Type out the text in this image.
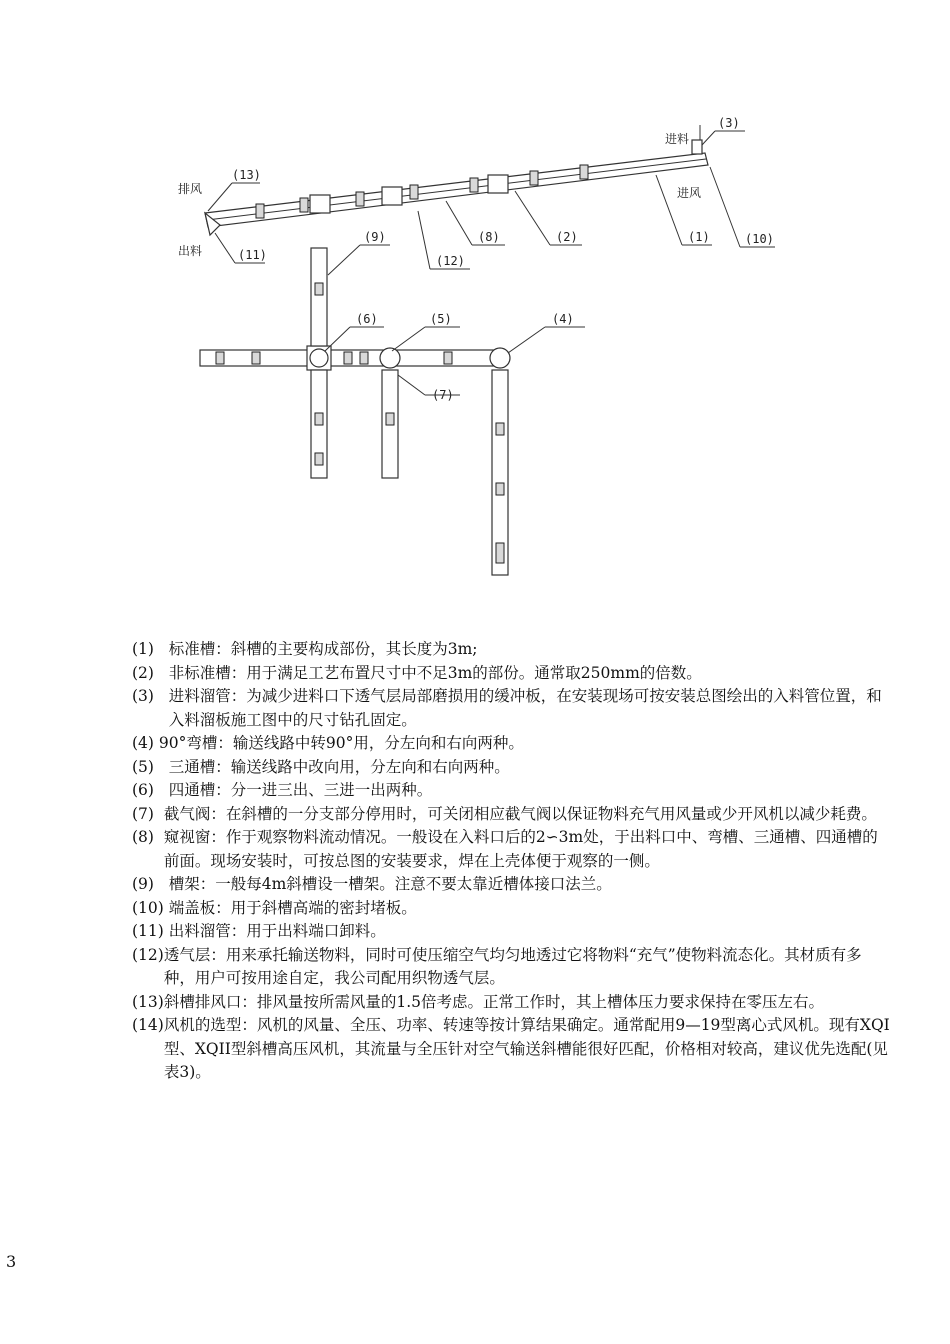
排风
出料
进料
进风
(13)
(3)
(11)	(12)
(8)	(2)	(1)	(10)
(9)
(6)	(5)	(4)
(7)
(1) 标准槽：斜槽的主要构成部份，其长度为3m;
(2) 非标准槽：用于满足工艺布置尺寸中不足3m的部份。通常取250mm的倍数。
(3) 进料溜管：为减少进料口下透气层局部磨损用的缓冲板，在安装现场可按安装总图绘出的入料管位置，和入料溜板施工图中的尺寸钻孔固定。
(4) 90°弯槽：输送线路中转90°用，分左向和右向两种。
(5) 三通槽：输送线路中改向用，分左向和右向两种。
(6) 四通槽：分一进三出、三进一出两种。
(7) 截气阀：在斜槽的一分支部分停用时，可关闭相应截气阀以保证物料充气用风量或少开风机以减少耗费。
(8) 窥视窗：作于观察物料流动情况。一般设在入料口后的2∽3m处，于出料口中、弯槽、三通槽、四通槽的前面。现场安装时，可按总图的安装要求，焊在上壳体便于观察的一侧。
(9) 槽架：一般每4m斜槽设一槽架。注意不要太靠近槽体接口法兰。
(10) 端盖板：用于斜槽高端的密封堵板。
(11) 出料溜管：用于出料端口卸料。
(12) 透气层：用来承托输送物料，同时可使压缩空气均匀地透过它将物料“充气”使物料流态化。其材质有多种，用户可按用途自定，我公司配用织物透气层。
(13) 斜槽排风口：排风量按所需风量的1.5倍考虑。正常工作时，其上槽体压力要求保持在零压左右。
(14) 风机的选型：风机的风量、全压、功率、转速等按计算结果确定。通常配用9—19型离心式风机。现有XQI型、XQII型斜槽高压风机，其流量与全压针对空气输送斜槽能很好匹配，价格相对较高，建议优先选配(见表3)。
3
